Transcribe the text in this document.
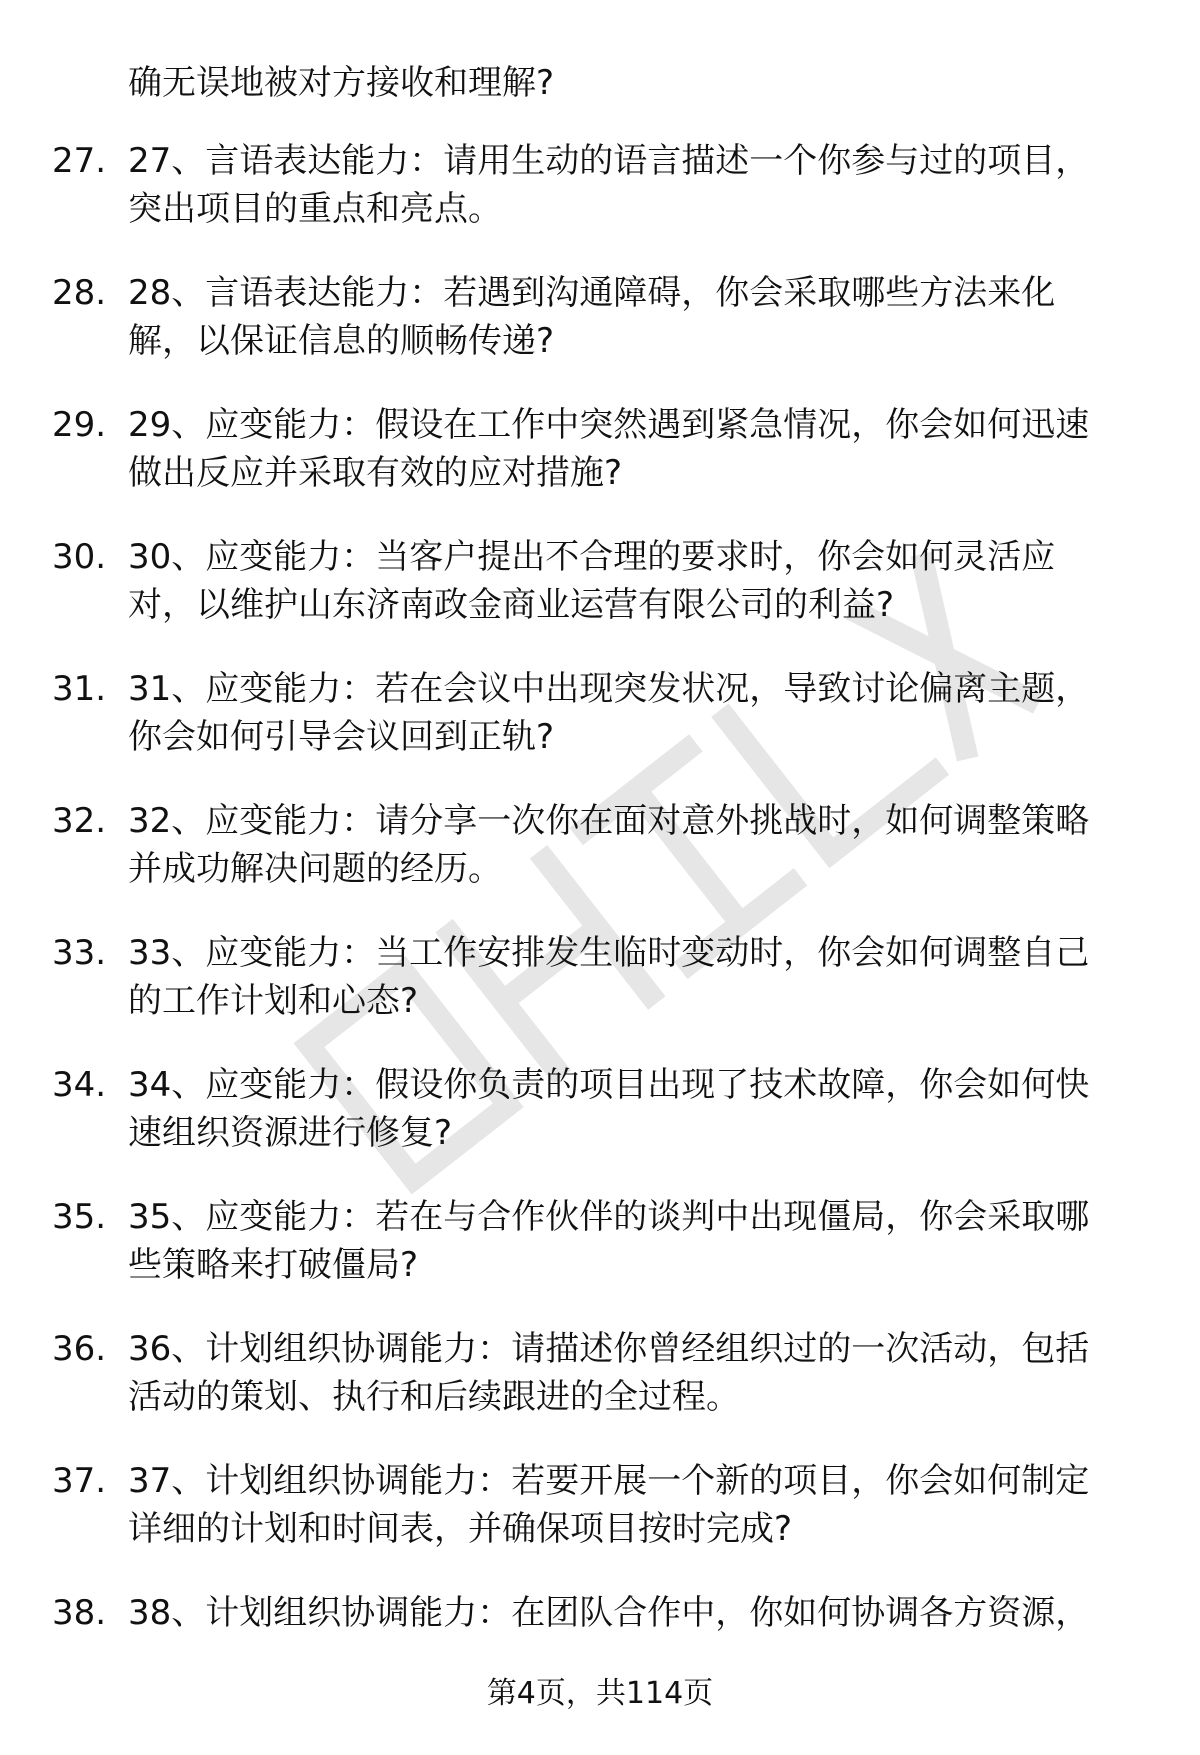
确无误地被对方接收和理解?
27. 27、言语表达能力：请用生动的语言描述一个你参与过的项目，
突出项目的重点和亮点。
28. 28、言语表达能力：若遇到沟通障碍，你会采取哪些方法来化
解，以保证信息的顺畅传递?
29. 29、应变能力：假设在工作中突然遇到紧急情况，你会如何迅速
做出反应并采取有效的应对措施?
30. 30、应变能力：当客户提出不合理的要求时，你会如何灵活应
对，以维护山东济南政金商业运营有限公司的利益?
31. 31、应变能力：若在会议中出现突发状况，导致讨论偏离主题，
你会如何引导会议回到正轨?
32. 32、应变能力：请分享一次你在面对意外挑战时，如何调整策略
并成功解决问题的经历。
33. 33、应变能力：当工作安排发生临时变动时，你会如何调整自己
的工作计划和心态?
34. 34、应变能力：假设你负责的项目出现了技术故障，你会如何快
速组织资源进行修复?
35. 35、应变能力：若在与合作伙伴的谈判中出现僵局，你会采取哪
些策略来打破僵局?
36. 36、计划组织协调能力：请描述你曾经组织过的一次活动，包括
活动的策划、执行和后续跟进的全过程。
37. 37、计划组织协调能力：若要开展一个新的项目，你会如何制定
详细的计划和时间表，并确保项目按时完成?
38. 38、计划组织协调能力：在团队合作中，你如何协调各方资源，
第4页，共114页
